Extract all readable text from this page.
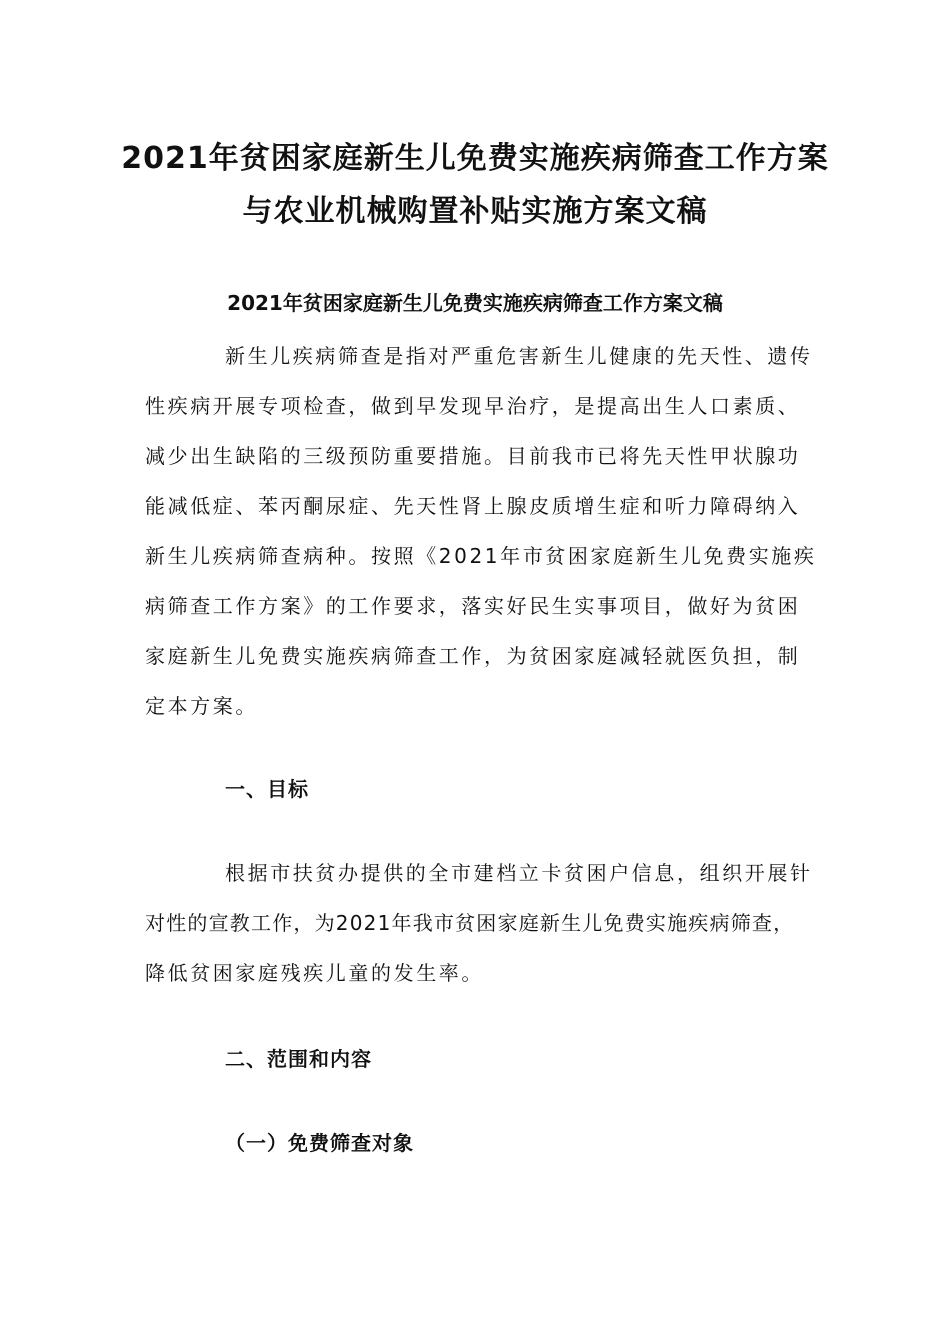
2021年贫困家庭新生儿免费实施疾病筛查工作方案
与农业机械购置补贴实施方案文稿
2021年贫困家庭新生儿免费实施疾病筛查工作方案文稿

新生儿疾病筛查是指对严重危害新生儿健康的先天性、遗传

性疾病开展专项检查，做到早发现早治疗，是提高出生人口素质、

减少出生缺陷的三级预防重要措施。目前我市已将先天性甲状腺功

能减低症、苯丙酮尿症、先天性肾上腺皮质增生症和听力障碍纳入

新生儿疾病筛查病种。按照《2021年市贫困家庭新生儿免费实施疾

病筛查工作方案》的工作要求，落实好民生实事项目，做好为贫困

家庭新生儿免费实施疾病筛查工作，为贫困家庭减轻就医负担，制

定本方案。

一、目标

根据市扶贫办提供的全市建档立卡贫困户信息，组织开展针

对性的宣教工作，为2021年我市贫困家庭新生儿免费实施疾病筛查，

降低贫困家庭残疾儿童的发生率。

二、范围和内容
（一）免费筛查对象
